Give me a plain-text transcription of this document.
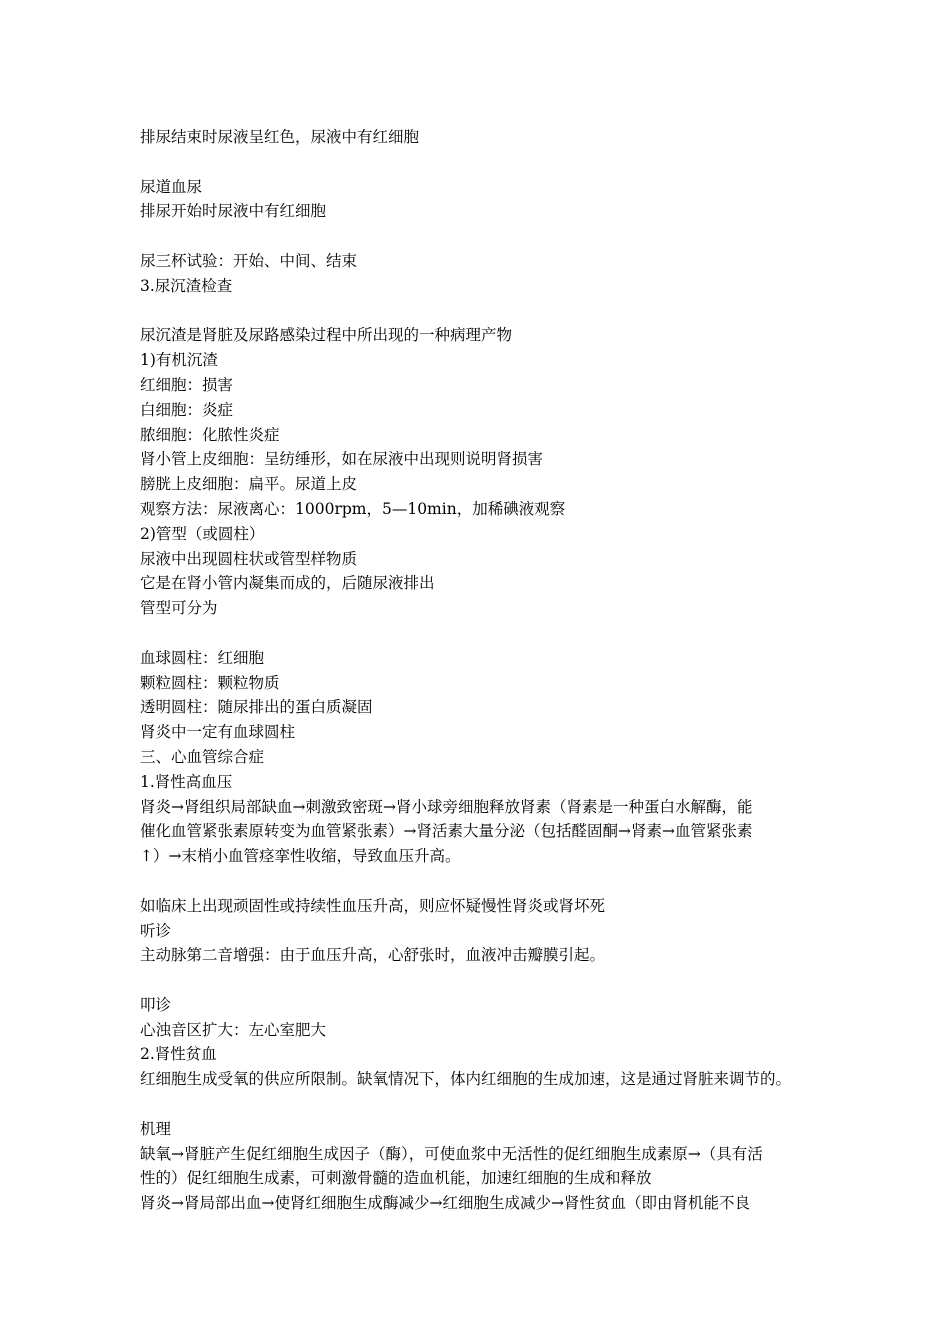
排尿结束时尿液呈红色，尿液中有红细胞
尿道血尿
排尿开始时尿液中有红细胞
尿三杯试验：开始、中间、结束
3.尿沉渣检查
尿沉渣是肾脏及尿路感染过程中所出现的一种病理产物
1)有机沉渣
红细胞：损害
白细胞：炎症
脓细胞：化脓性炎症
肾小管上皮细胞：呈纺缍形，如在尿液中出现则说明肾损害
膀胱上皮细胞：扁平。尿道上皮
观察方法：尿液离心：1000rpm，5—10min，加稀碘液观察
2)管型（或圆柱）
尿液中出现圆柱状或管型样物质
它是在肾小管内凝集而成的，后随尿液排出
管型可分为
血球圆柱：红细胞
颗粒圆柱：颗粒物质
透明圆柱：随尿排出的蛋白质凝固
肾炎中一定有血球圆柱
三、心血管综合症
1.肾性高血压
肾炎→肾组织局部缺血→刺激致密斑→肾小球旁细胞释放肾素（肾素是一种蛋白水解酶，能
催化血管紧张素原转变为血管紧张素）→肾活素大量分泌（包括醛固酮→肾素→血管紧张素
↑）→末梢小血管痉挛性收缩，导致血压升高。
如临床上出现顽固性或持续性血压升高，则应怀疑慢性肾炎或肾坏死
听诊
主动脉第二音增强：由于血压升高，心舒张时，血液冲击瓣膜引起。
叩诊
心浊音区扩大：左心室肥大
2.肾性贫血
红细胞生成受氧的供应所限制。缺氧情况下，体内红细胞的生成加速，这是通过肾脏来调节的。
机理
缺氧→肾脏产生促红细胞生成因子（酶），可使血浆中无活性的促红细胞生成素原→（具有活
性的）促红细胞生成素，可刺激骨髓的造血机能，加速红细胞的生成和释放
肾炎→肾局部出血→使肾红细胞生成酶减少→红细胞生成减少→肾性贫血（即由肾机能不良
